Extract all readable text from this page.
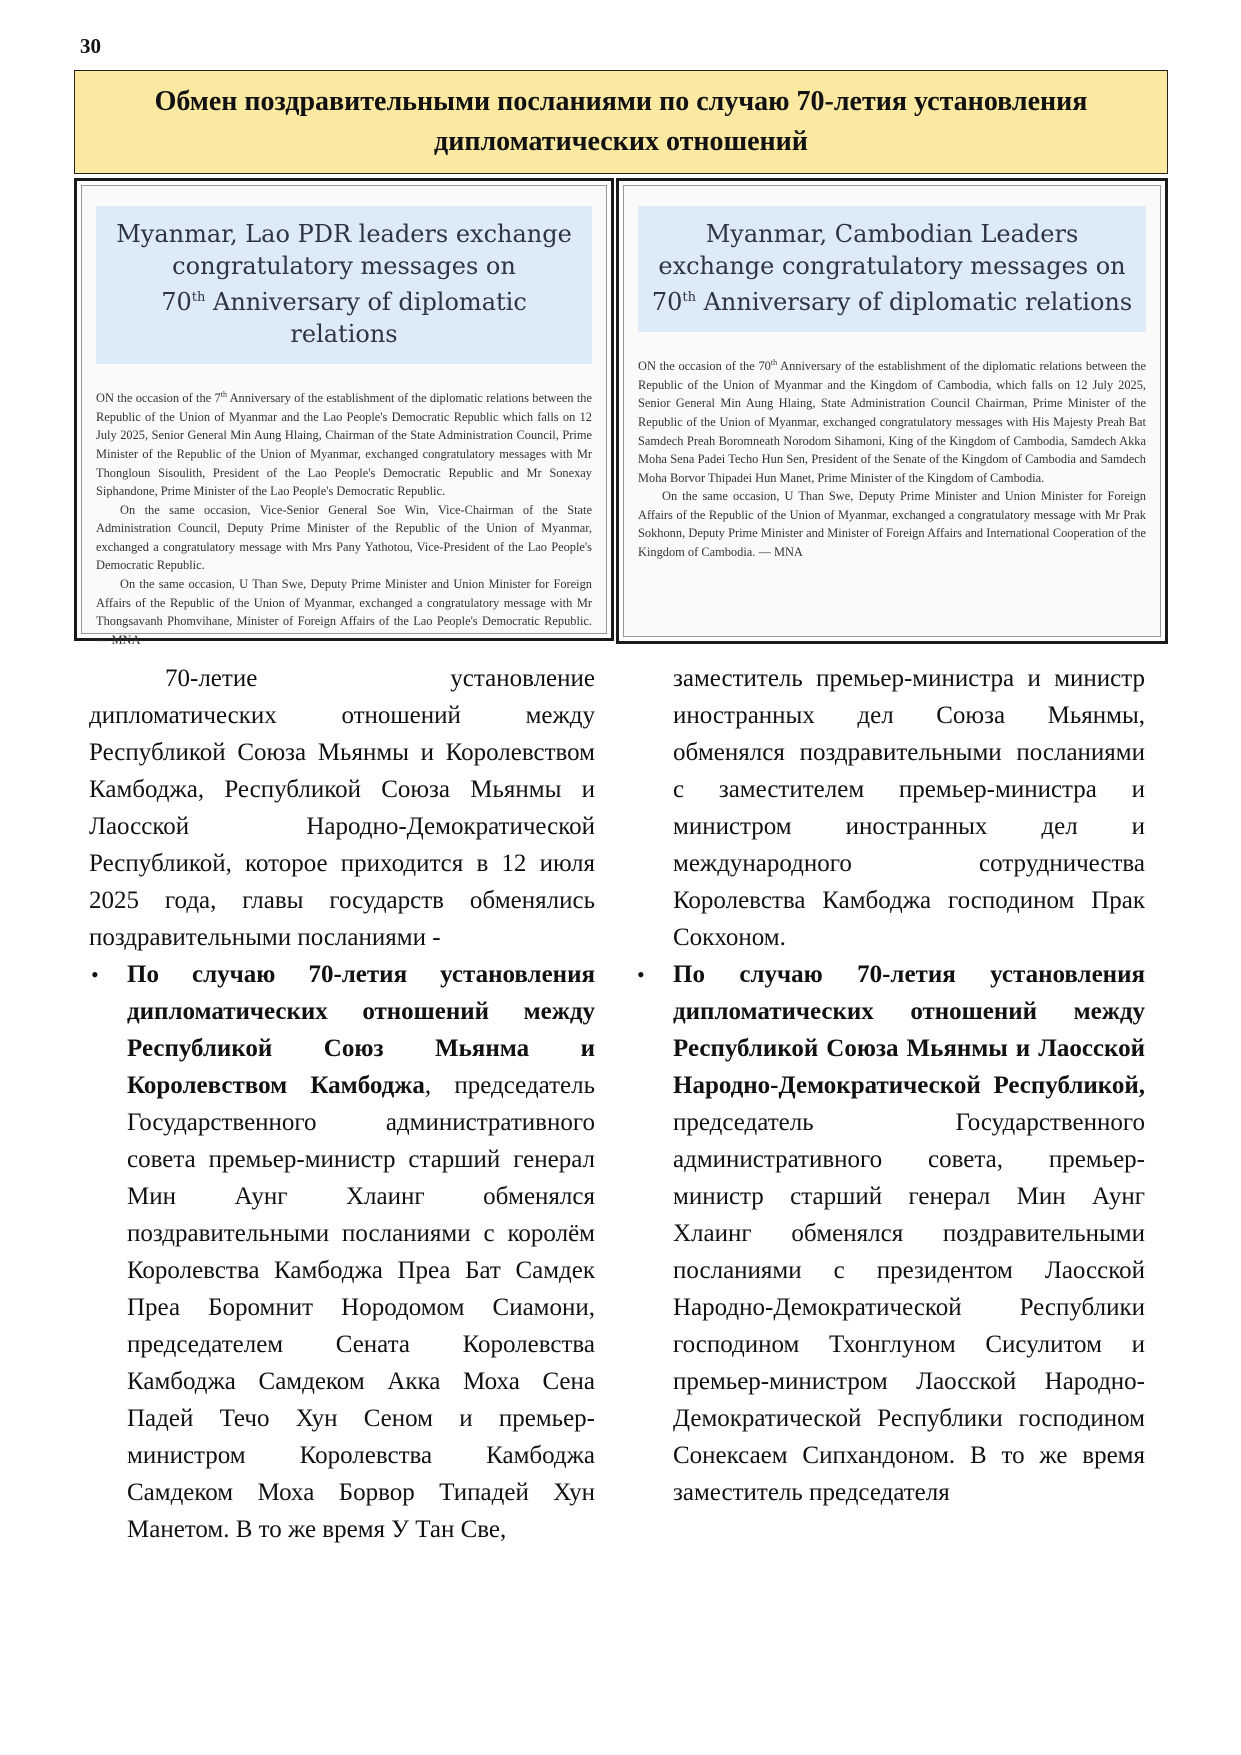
30
Обмен поздравительными посланиями по случаю 70-летия установления
дипломатических отношений
Myanmar, Lao PDR leaders exchange
congratulatory messages on
70th Anniversary of diplomatic relations

ON the occasion of the 7th Anniversary of the establishment of the diplomatic relations between the Republic of the Union of Myanmar and the Lao People's Democratic Republic which falls on 12 July 2025, Senior General Min Aung Hlaing, Chairman of the State Administration Council, Prime Minister of the Republic of the Union of Myanmar, exchanged congratulatory messages with Mr Thongloun Sisoulith, President of the Lao People's Democratic Republic and Mr Sonexay Siphandone, Prime Minister of the Lao People's Democratic Republic.

On the same occasion, Vice-Senior General Soe Win, Vice-Chairman of the State Administration Council, Deputy Prime Minister of the Republic of the Union of Myanmar, exchanged a congratulatory message with Mrs Pany Yathotou, Vice-President of the Lao People's Democratic Republic.

On the same occasion, U Than Swe, Deputy Prime Minister and Union Minister for Foreign Affairs of the Republic of the Union of Myanmar, exchanged a congratulatory message with Mr Thongsavanh Phomvihane, Minister of Foreign Affairs of the Lao People's Democratic Republic. — MNA

Myanmar, Cambodian Leaders
exchange congratulatory messages on
70th Anniversary of diplomatic relations

ON the occasion of the 70th Anniversary of the establishment of the diplomatic relations between the Republic of the Union of Myanmar and the Kingdom of Cambodia, which falls on 12 July 2025, Senior General Min Aung Hlaing, State Administration Council Chairman, Prime Minister of the Republic of the Union of Myanmar, exchanged congratulatory messages with His Majesty Preah Bat Samdech Preah Boromneath Norodom Sihamoni, King of the Kingdom of Cambodia, Samdech Akka Moha Sena Padei Techo Hun Sen, President of the Senate of the Kingdom of Cambodia and Samdech Moha Borvor Thipadei Hun Manet, Prime Minister of the Kingdom of Cambodia.

On the same occasion, U Than Swe, Deputy Prime Minister and Union Minister for Foreign Affairs of the Republic of the Union of Myanmar, exchanged a congratulatory message with Mr Prak Sokhonn, Deputy Prime Minister and Minister of Foreign Affairs and International Cooperation of the Kingdom of Cambodia. — MNA

70-летие установление дипломатических отношений между Республикой Союза Мьянмы и Королевством Камбоджа, Республикой Союза Мьянмы и Лаосской Народно-Демократической Республикой, которое приходится в 12 июля 2025 года, главы государств обменялись поздравительными посланиями -

• По случаю 70-летия установления дипломатических отношений между Республикой Союз Мьянма и Королевством Камбоджа, председатель Государственного административного совета премьер-министр старший генерал Мин Аунг Хлаинг обменялся поздравительными посланиями с королём Королевства Камбоджа Преа Бат Самдек Преа Боромнит Нородомом Сиамони, председателем Сената Королевства Камбоджа Самдеком Акка Моха Сена Падей Течо Хун Сеном и премьер-министром Королевства Камбоджа Самдеком Моха Борвор Типадей Хун Манетом. В то же время У Тан Све,

заместитель премьер-министра и министр иностранных дел Союза Мьянмы, обменялся поздравительными посланиями с заместителем премьер-министра и министром иностранных дел и международного сотрудничества Королевства Камбоджа господином Прак Сокхоном.

• По случаю 70-летия установления дипломатических отношений между Республикой Союза Мьянмы и Лаосской Народно-Демократической Республикой, председатель Государственного административного совета, премьер-министр старший генерал Мин Аунг Хлаинг обменялся поздравительными посланиями с президентом Лаосской Народно-Демократической Республики господином Тхонглуном Сисулитом и премьер-министром Лаосской Народно-Демократической Республики господином Сонексаем Сипхандоном. В то же время заместитель председателя
